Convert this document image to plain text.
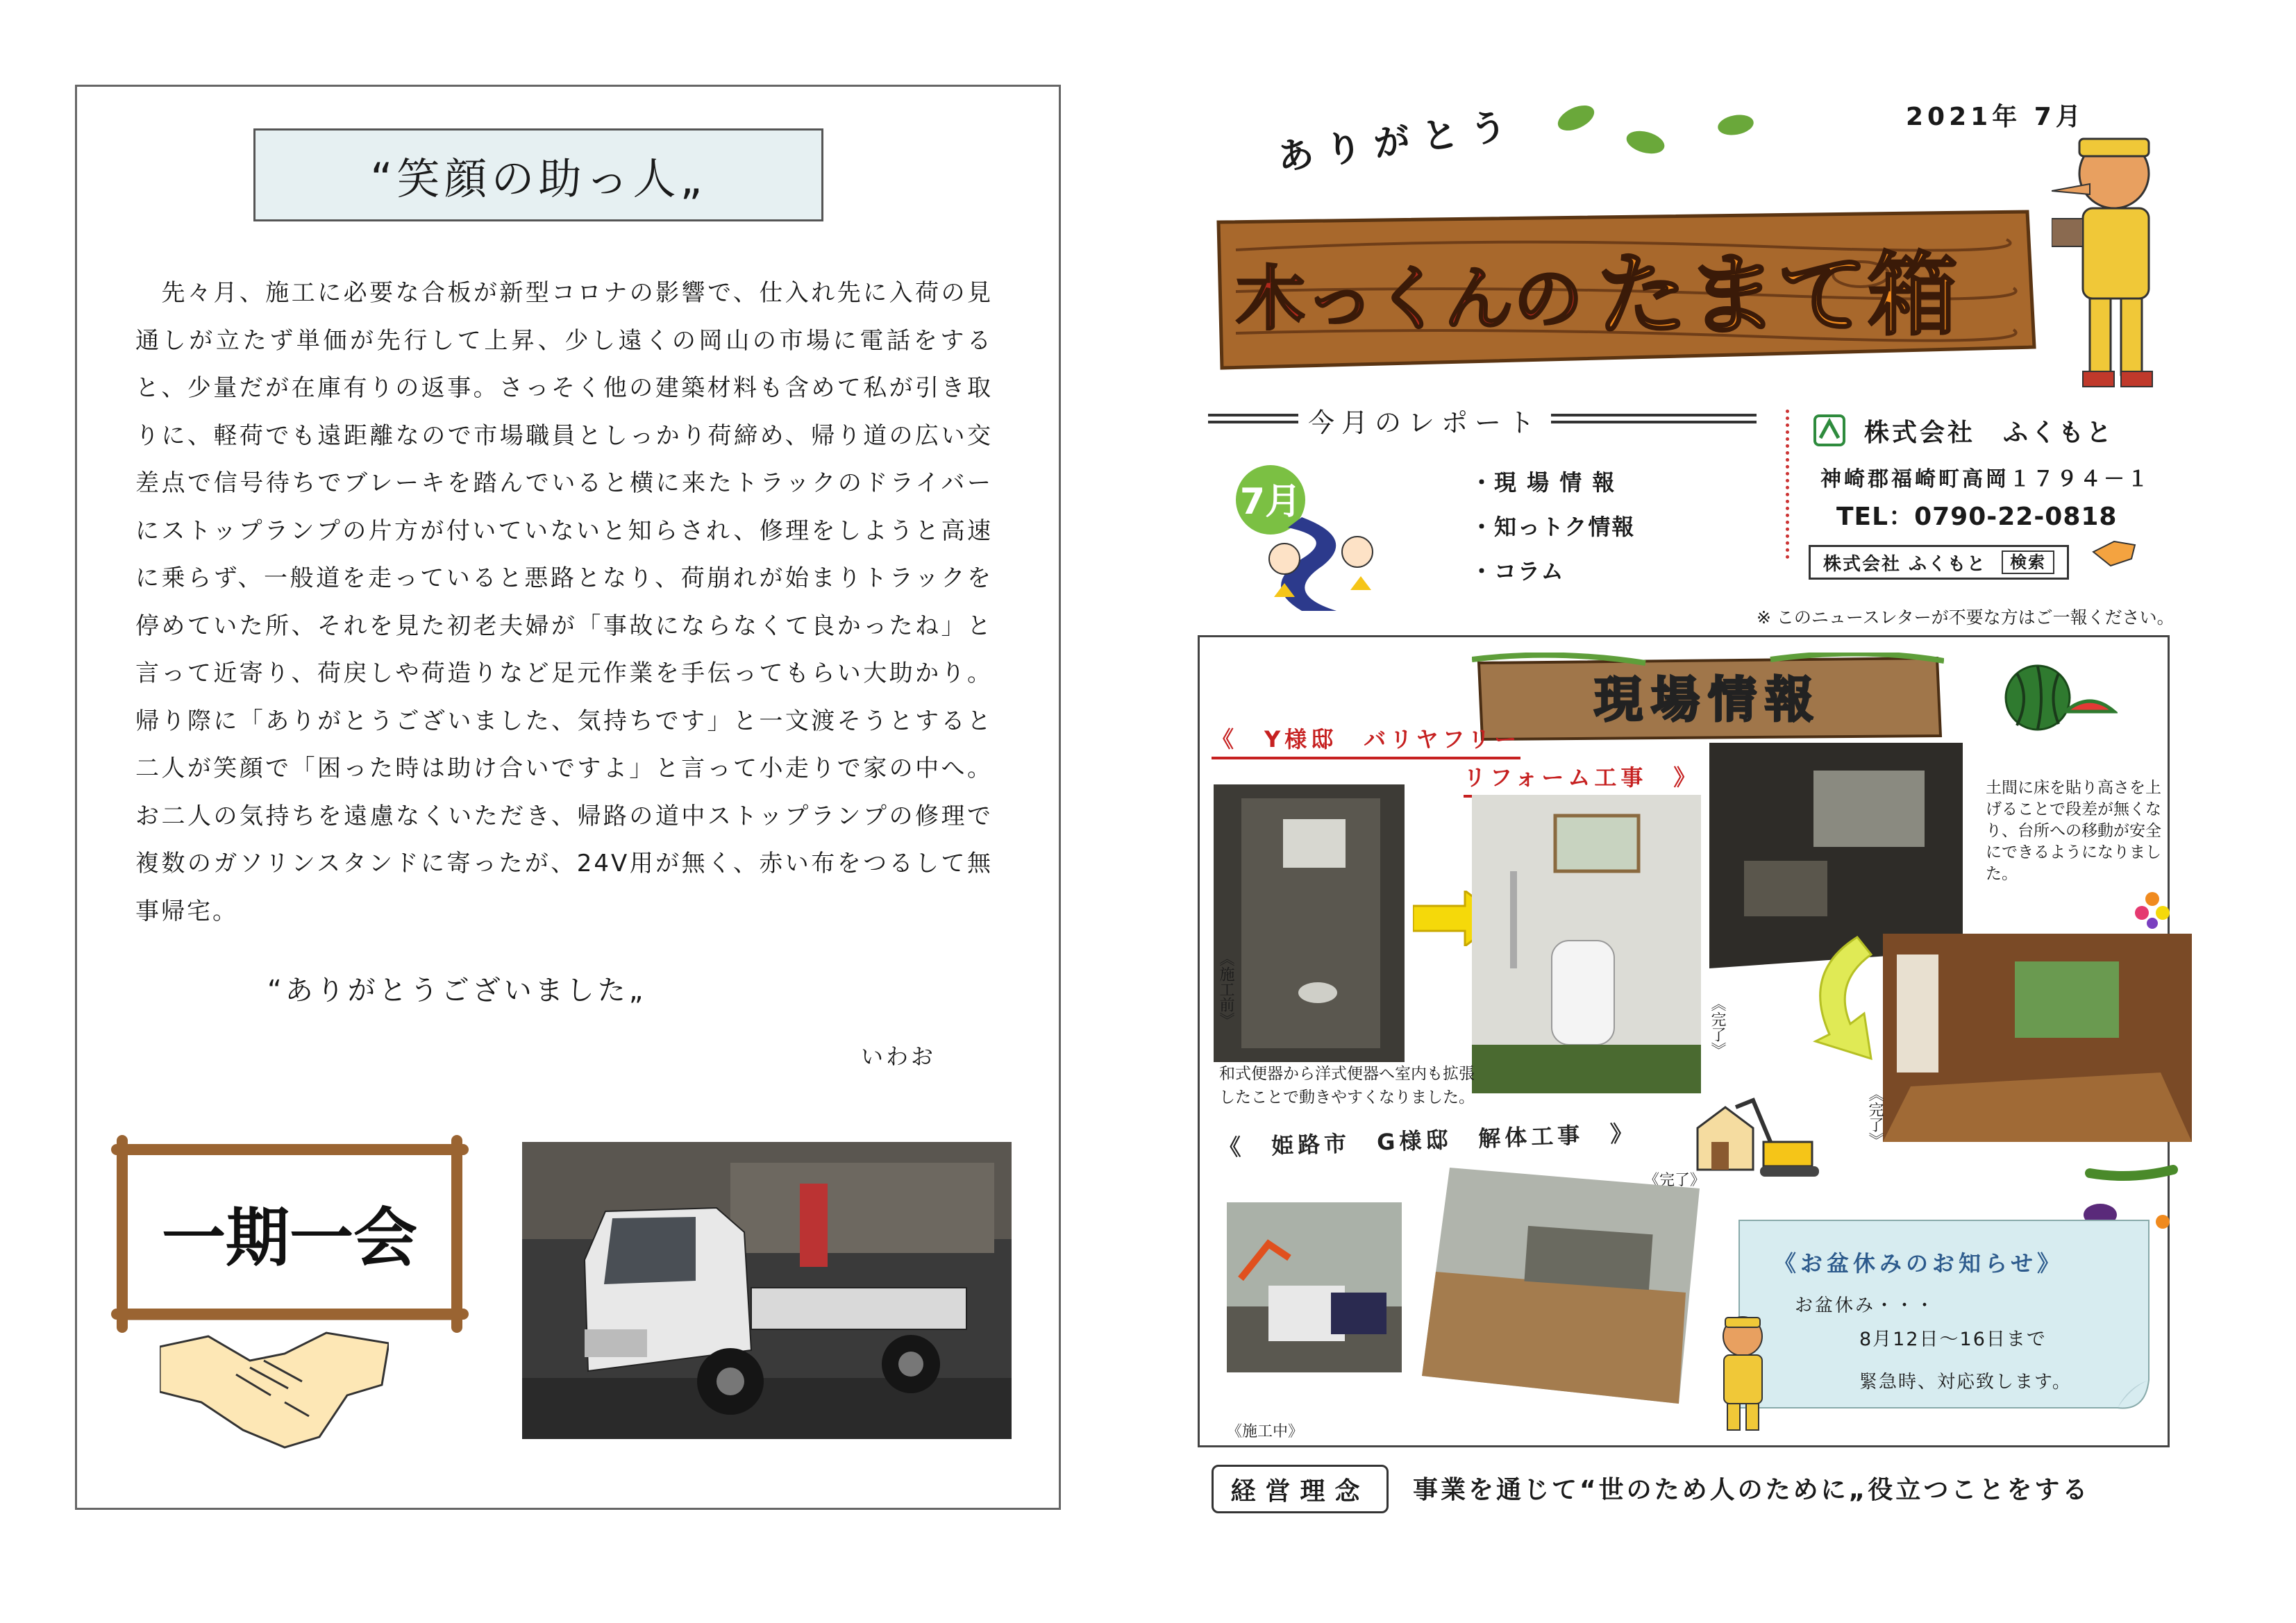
“笑顔の助っ人„

　先々月、施工に必要な合板が新型コロナの影響で、仕入れ先に入荷の見通しが立たず単価が先行して上昇、少し遠くの岡山の市場に電話をすると、少量だが在庫有りの返事。さっそく他の建築材料も含めて私が引き取りに、軽荷でも遠距離なので市場職員としっかり荷締め、帰り道の広い交差点で信号待ちでブレーキを踏んでいると横に来たトラックのドライバーにストップランプの片方が付いていないと知らされ、修理をしようと高速に乗らず、一般道を走っていると悪路となり、荷崩れが始まりトラックを停めていた所、それを見た初老夫婦が「事故にならなくて良かったね」と言って近寄り、荷戻しや荷造りなど足元作業を手伝ってもらい大助かり。帰り際に「ありがとうございました、気持ちです」と一文渡そうとすると二人が笑顔で「困った時は助け合いですよ」と言って小走りで家の中へ。お二人の気持ちを遠慮なくいただき、帰路の道中ストップランプの修理で複数のガソリンスタンドに寄ったが、24V用が無く、赤い布をつるして無事帰宅。

“ありがとうございました„
いわお
一期一会
2021年 7月
ありがとう
木っくんの たまて箱
今月のレポート
7月	・現 場 情 報
・知っトク情報
・コラム
株式会社　ふくもと
神崎郡福崎町高岡１７９４－１
TEL：0790-22-0818
株式会社 ふくもと	検索
※ このニュースレターが不要な方はご一報ください。
現場情報
《　Y様邸　バリヤフリー
リフォーム工事　》
《施工前》	《完了》
和式便器から洋式便器へ室内も拡張したことで動きやすくなりました。
土間に床を貼り高さを上げることで段差が無くなり、台所への移動が安全にできるようになりました。
《完了》
《　姫路市　G様邸　解体工事　》
《完了》
《施工中》
《お盆休みのお知らせ》
お盆休み・・・
8月12日～16日まで
緊急時、対応致します。
経営理念	事業を通じて“世のため人のために„役立つことをする
